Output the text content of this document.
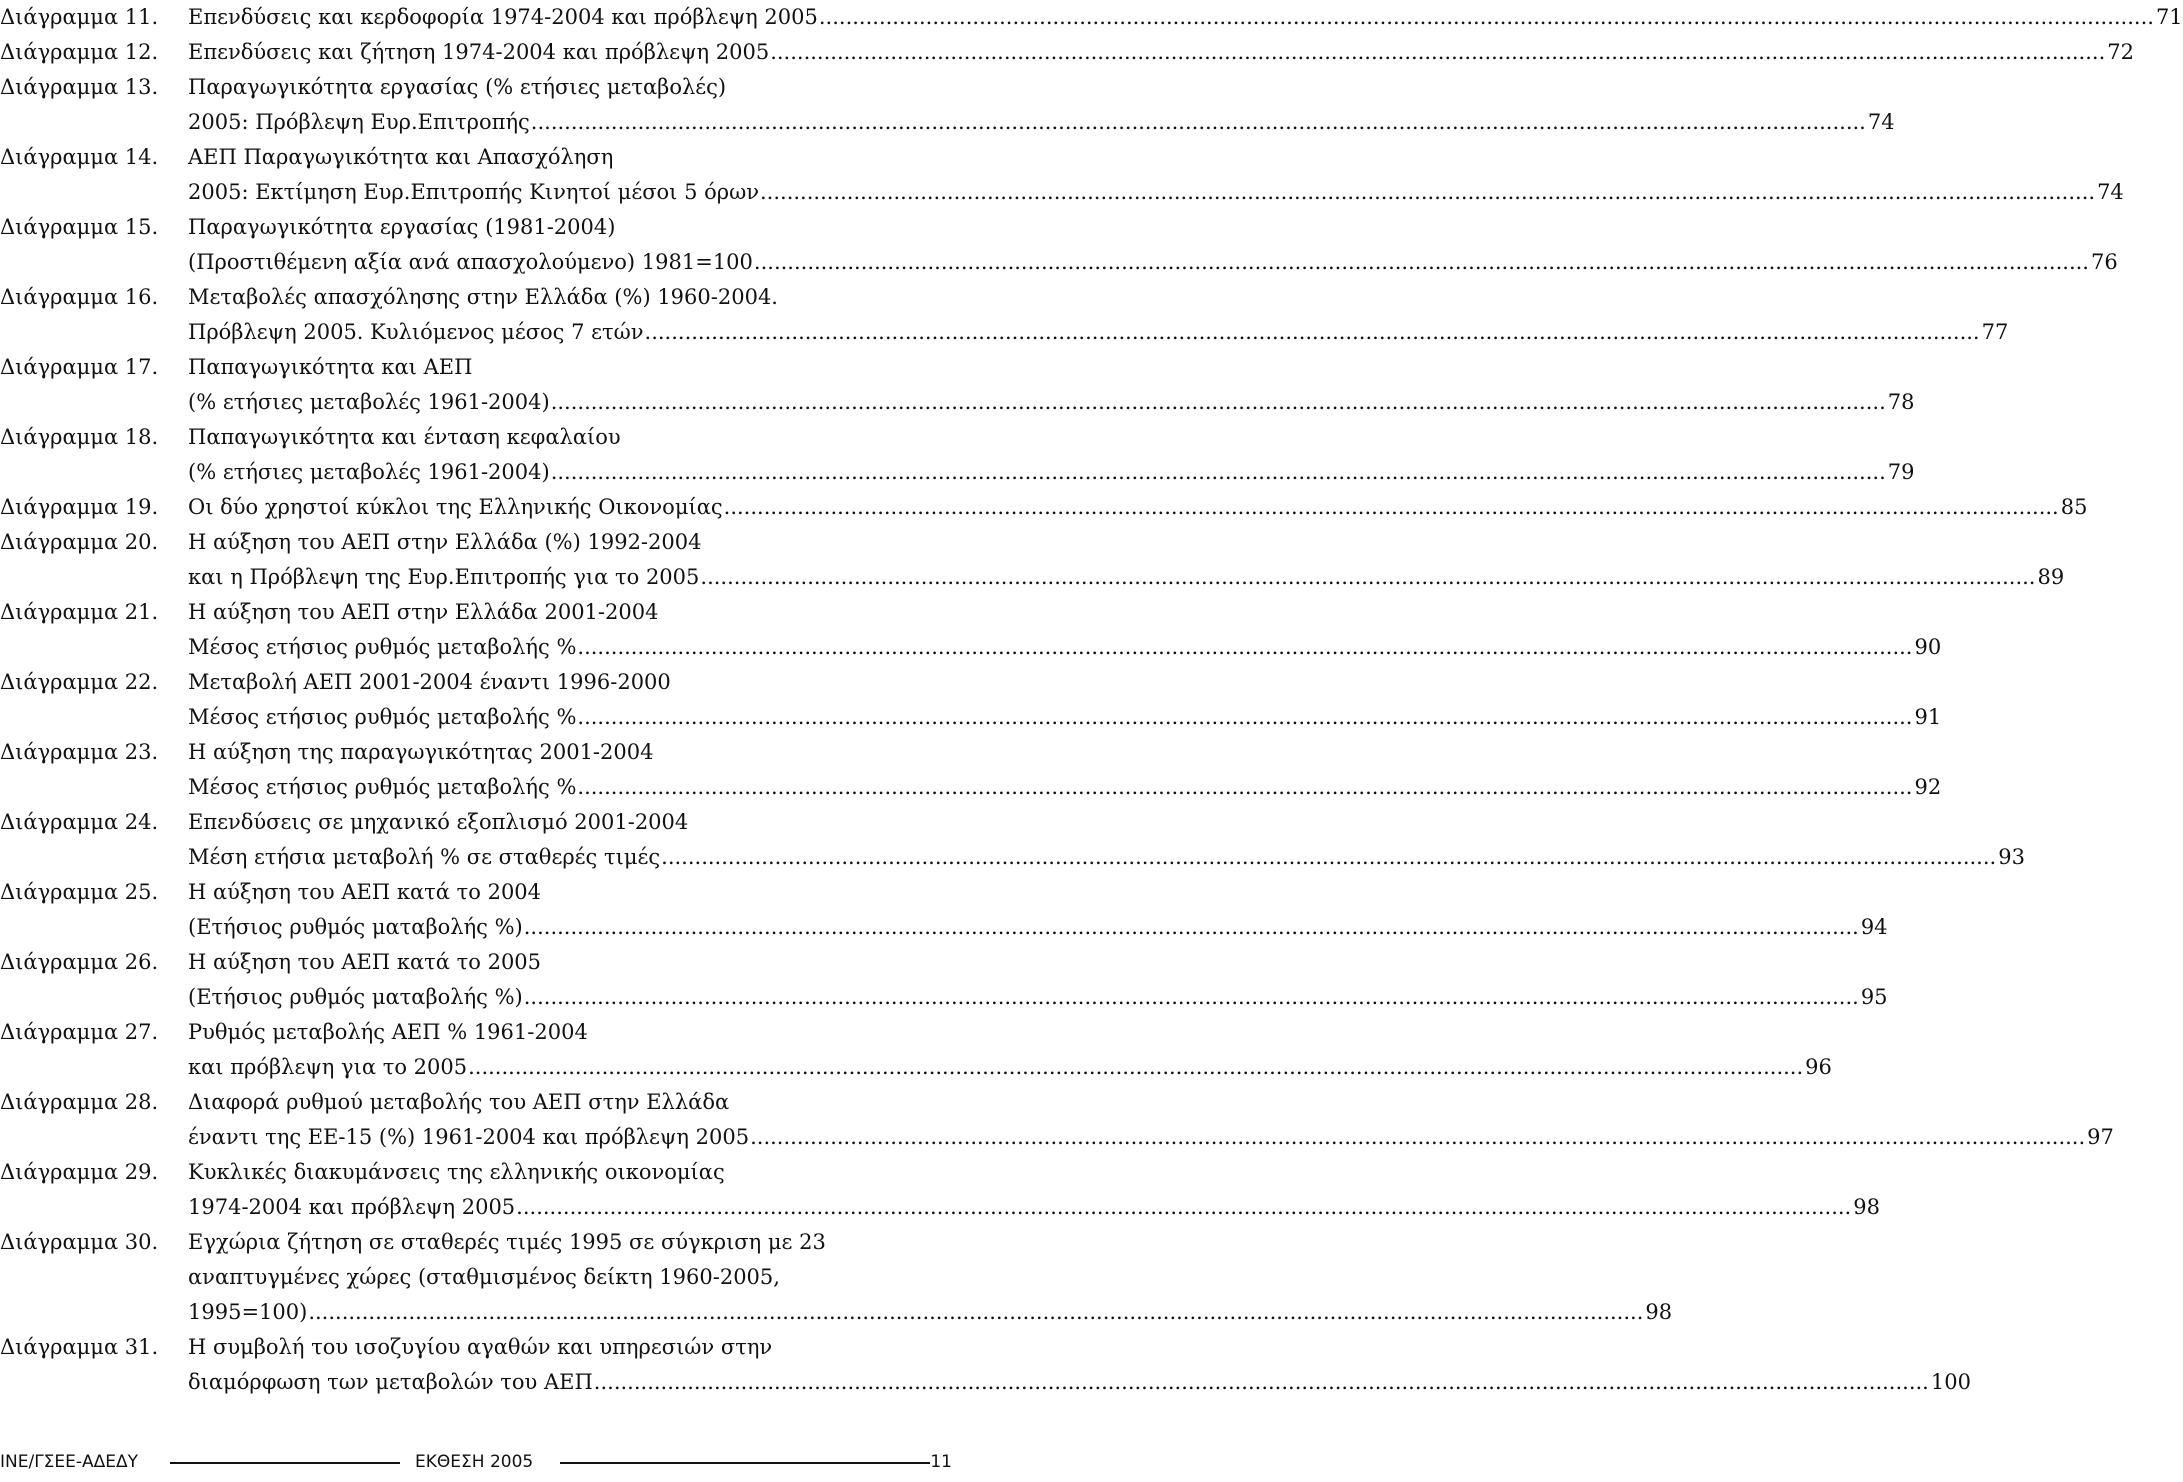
Διάγραμμα 11. Επενδύσεις και κερδοφορία 1974-2004 και πρόβλεψη 2005 ........................................................................................................................................................................................................ 71
Διάγραμμα 12. Επενδύσεις και ζήτηση 1974-2004 και πρόβλεψη 2005 ........................................................................................................................................................................................................ 72
Διάγραμμα 13. Παραγωγικότητα εργασίας (% ετήσιες μεταβολές)
2005: Πρόβλεψη Ευρ.Επιτροπής ........................................................................................................................................................................................................ 74
Διάγραμμα 14. ΑΕΠ Παραγωγικότητα και Απασχόληση
2005: Εκτίμηση Ευρ.Επιτροπής Κινητοί μέσοι 5 όρων ........................................................................................................................................................................................................ 74
Διάγραμμα 15. Παραγωγικότητα εργασίας (1981-2004)
(Προστιθέμενη αξία ανά απασχολούμενο) 1981=100 ........................................................................................................................................................................................................ 76
Διάγραμμα 16. Μεταβολές απασχόλησης στην Ελλάδα (%) 1960-2004.
Πρόβλεψη 2005. Κυλιόμενος μέσος 7 ετών ........................................................................................................................................................................................................ 77
Διάγραμμα 17. Παπαγωγικότητα και ΑΕΠ
(% ετήσιες μεταβολές 1961-2004) ........................................................................................................................................................................................................ 78
Διάγραμμα 18. Παπαγωγικότητα και ένταση κεφαλαίου
(% ετήσιες μεταβολές 1961-2004) ........................................................................................................................................................................................................ 79
Διάγραμμα 19. Οι δύο χρηστοί κύκλοι της Ελληνικής Οικονομίας ........................................................................................................................................................................................................ 85
Διάγραμμα 20. Η αύξηση του ΑΕΠ στην Ελλάδα (%) 1992-2004
και η Πρόβλεψη της Ευρ.Επιτροπής για το 2005 ........................................................................................................................................................................................................ 89
Διάγραμμα 21. Η αύξηση του ΑΕΠ στην Ελλάδα 2001-2004
Μέσος ετήσιος ρυθμός μεταβολής % ........................................................................................................................................................................................................ 90
Διάγραμμα 22. Μεταβολή ΑΕΠ 2001-2004 έναντι 1996-2000
Μέσος ετήσιος ρυθμός μεταβολής % ........................................................................................................................................................................................................ 91
Διάγραμμα 23. Η αύξηση της παραγωγικότητας 2001-2004
Μέσος ετήσιος ρυθμός μεταβολής % ........................................................................................................................................................................................................ 92
Διάγραμμα 24. Επενδύσεις σε μηχανικό εξοπλισμό 2001-2004
Μέση ετήσια μεταβολή % σε σταθερές τιμές ........................................................................................................................................................................................................ 93
Διάγραμμα 25. Η αύξηση του ΑΕΠ κατά το 2004
(Ετήσιος ρυθμός ματαβολής %) ........................................................................................................................................................................................................ 94
Διάγραμμα 26. Η αύξηση του ΑΕΠ κατά το 2005
(Ετήσιος ρυθμός ματαβολής %) ........................................................................................................................................................................................................ 95
Διάγραμμα 27. Ρυθμός μεταβολής ΑΕΠ % 1961-2004
και πρόβλεψη για το 2005 ........................................................................................................................................................................................................ 96
Διάγραμμα 28. Διαφορά ρυθμού μεταβολής του ΑΕΠ στην Ελλάδα
έναντι της ΕΕ-15 (%) 1961-2004 και πρόβλεψη 2005 ........................................................................................................................................................................................................ 97
Διάγραμμα 29. Κυκλικές διακυμάνσεις της ελληνικής οικονομίας
1974-2004 και πρόβλεψη 2005 ........................................................................................................................................................................................................ 98
Διάγραμμα 30. Εγχώρια ζήτηση σε σταθερές τιμές 1995 σε σύγκριση με 23
αναπτυγμένες χώρες (σταθμισμένος δείκτη 1960-2005,
1995=100) ........................................................................................................................................................................................................ 98
Διάγραμμα 31. Η συμβολή του ισοζυγίου αγαθών και υπηρεσιών στην
διαμόρφωση των μεταβολών του ΑΕΠ ........................................................................................................................................................................................................ 100
ΙΝΕ/ΓΣΕΕ-ΑΔΕΔΥ	ΕΚΘΕΣΗ 2005	11
